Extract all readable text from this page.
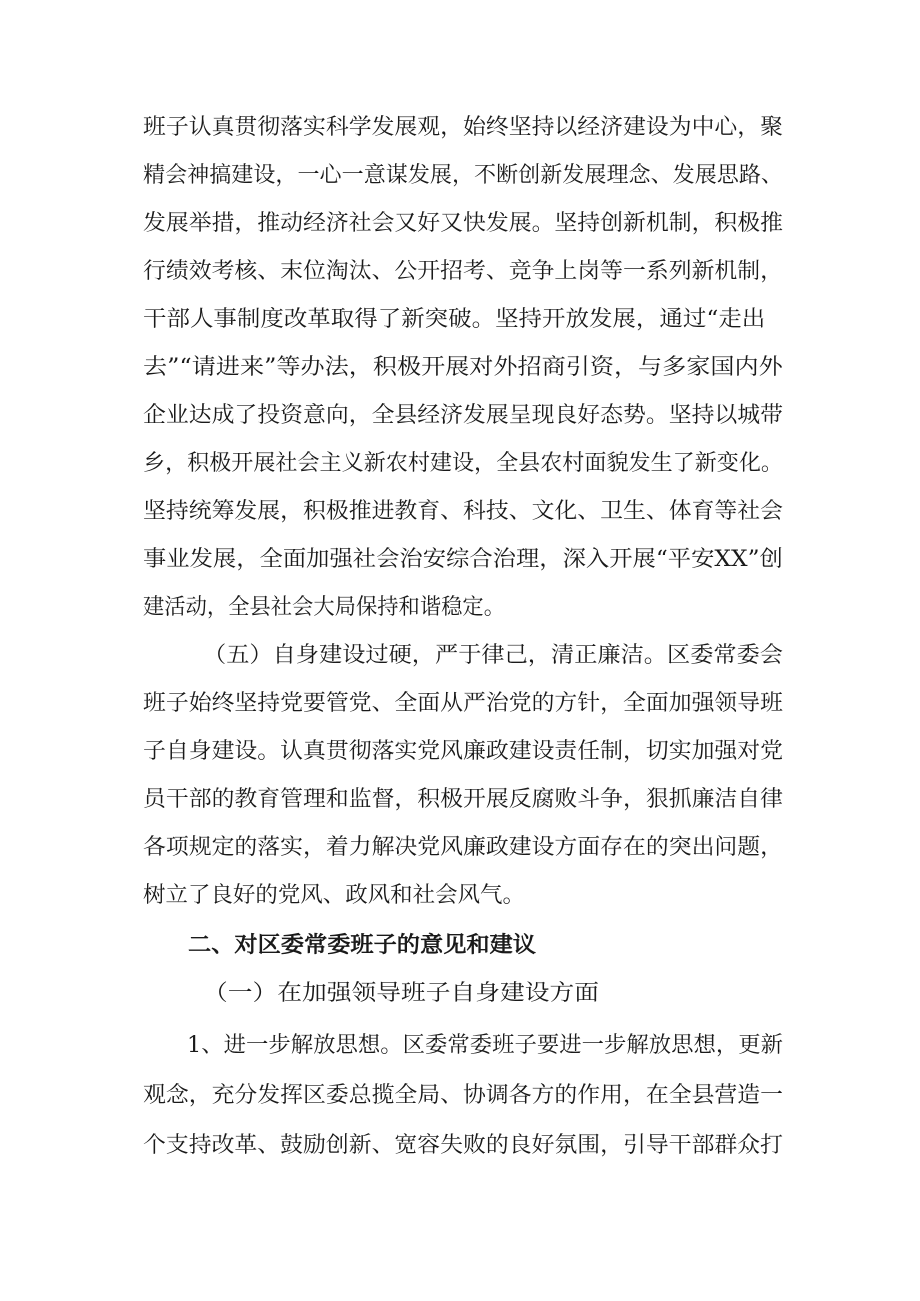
班子认真贯彻落实科学发展观，始终坚持以经济建设为中心，聚
精会神搞建设，一心一意谋发展，不断创新发展理念、发展思路、
发展举措，推动经济社会又好又快发展。坚持创新机制，积极推
行绩效考核、末位淘汰、公开招考、竞争上岗等一系列新机制，
干部人事制度改革取得了新突破。坚持开放发展，通过“走出
去”“请进来”等办法，积极开展对外招商引资，与多家国内外
企业达成了投资意向，全县经济发展呈现良好态势。坚持以城带
乡，积极开展社会主义新农村建设，全县农村面貌发生了新变化。
坚持统筹发展，积极推进教育、科技、文化、卫生、体育等社会
事业发展，全面加强社会治安综合治理，深入开展“平安XX”创
建活动，全县社会大局保持和谐稳定。
（五）自身建设过硬，严于律己，清正廉洁。区委常委会
班子始终坚持党要管党、全面从严治党的方针，全面加强领导班
子自身建设。认真贯彻落实党风廉政建设责任制，切实加强对党
员干部的教育管理和监督，积极开展反腐败斗争，狠抓廉洁自律
各项规定的落实，着力解决党风廉政建设方面存在的突出问题，
树立了良好的党风、政风和社会风气。
二、对区委常委班子的意见和建议
（一）在加强领导班子自身建设方面
1、进一步解放思想。区委常委班子要进一步解放思想，更新
观念，充分发挥区委总揽全局、协调各方的作用，在全县营造一
个支持改革、鼓励创新、宽容失败的良好氛围，引导干部群众打
